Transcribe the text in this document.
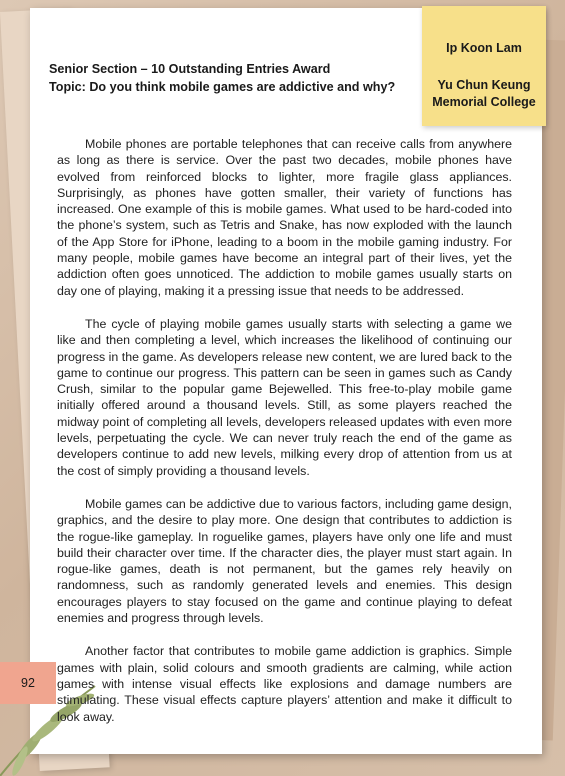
Ip Koon Lam
Yu Chun Keung Memorial College
Senior Section – 10 Outstanding Entries Award
Topic: Do you think mobile games are addictive and why?

Mobile phones are portable telephones that can receive calls from anywhere as long as there is service. Over the past two decades, mobile phones have evolved from reinforced blocks to lighter, more fragile glass appliances. Surprisingly, as phones have gotten smaller, their variety of functions has increased. One example of this is mobile games. What used to be hard-coded into the phone’s system, such as Tetris and Snake, has now exploded with the launch of the App Store for iPhone, leading to a boom in the mobile gaming industry. For many people, mobile games have become an integral part of their lives, yet the addiction often goes unnoticed. The addiction to mobile games usually starts on day one of playing, making it a pressing issue that needs to be addressed.

The cycle of playing mobile games usually starts with selecting a game we like and then completing a level, which increases the likelihood of continuing our progress in the game. As developers release new content, we are lured back to the game to continue our progress. This pattern can be seen in games such as Candy Crush, similar to the popular game Bejewelled. This free-to-play mobile game initially offered around a thousand levels. Still, as some players reached the midway point of completing all levels, developers released updates with even more levels, perpetuating the cycle. We can never truly reach the end of the game as developers continue to add new levels, milking every drop of attention from us at the cost of simply providing a thousand levels.

Mobile games can be addictive due to various factors, including game design, graphics, and the desire to play more. One design that contributes to addiction is the rogue-like gameplay. In roguelike games, players have only one life and must build their character over time. If the character dies, the player must start again. In rogue-like games, death is not permanent, but the games rely heavily on randomness, such as randomly generated levels and enemies. This design encourages players to stay focused on the game and continue playing to defeat enemies and progress through levels.

Another factor that contributes to mobile game addiction is graphics. Simple games with plain, solid colours and smooth gradients are calming, while action games with intense visual effects like explosions and damage numbers are stimulating. These visual effects capture players’ attention and make it difficult to look away.

92
